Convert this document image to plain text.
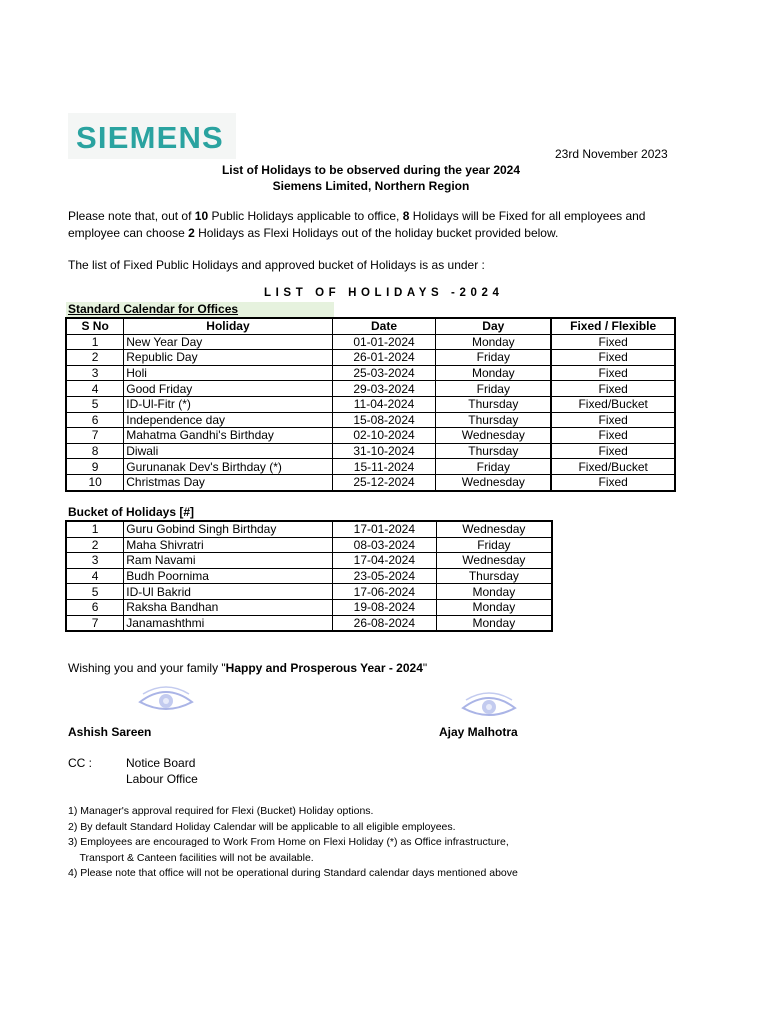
SIEMENS	23rd November 2023
List of Holidays to be observed during the year 2024
Siemens Limited, Northern Region
Please note that, out of 10 Public Holidays applicable to office, 8 Holidays will be Fixed for all employees and employee can choose 2 Holidays as Flexi Holidays out of the holiday bucket provided below.
The list of Fixed Public Holidays and approved bucket of Holidays is as under :
LIST OF HOLIDAYS -2024
Standard Calendar for Offices
S No	Holiday	Date	Day	Fixed / Flexible
1	New Year Day	01-01-2024	Monday	Fixed
2	Republic Day	26-01-2024	Friday	Fixed
3	Holi	25-03-2024	Monday	Fixed
4	Good Friday	29-03-2024	Friday	Fixed
5	ID-Ul-Fitr (*)	11-04-2024	Thursday	Fixed/Bucket
6	Independence day	15-08-2024	Thursday	Fixed
7	Mahatma Gandhi's Birthday	02-10-2024	Wednesday	Fixed
8	Diwali	31-10-2024	Thursday	Fixed
9	Gurunanak Dev's Birthday (*)	15-11-2024	Friday	Fixed/Bucket
10	Christmas Day	25-12-2024	Wednesday	Fixed
Bucket of Holidays [#]
1	Guru Gobind Singh Birthday	17-01-2024	Wednesday
2	Maha Shivratri	08-03-2024	Friday
3	Ram Navami	17-04-2024	Wednesday
4	Budh Poornima	23-05-2024	Thursday
5	ID-Ul Bakrid	17-06-2024	Monday
6	Raksha Bandhan	19-08-2024	Monday
7	Janamashthmi	26-08-2024	Monday
Wishing you and your family "Happy and Prosperous Year - 2024"
Ashish Sareen	Ajay Malhotra
CC :	Notice Board
Labour Office
1) Manager's approval required for Flexi (Bucket) Holiday options.
2) By default Standard Holiday Calendar will be applicable to all eligible employees.
3) Employees are encouraged to Work From Home on Flexi Holiday (*) as Office infrastructure,
Transport & Canteen facilities will not be available.
4) Please note that office will not be operational during Standard calendar days mentioned above
